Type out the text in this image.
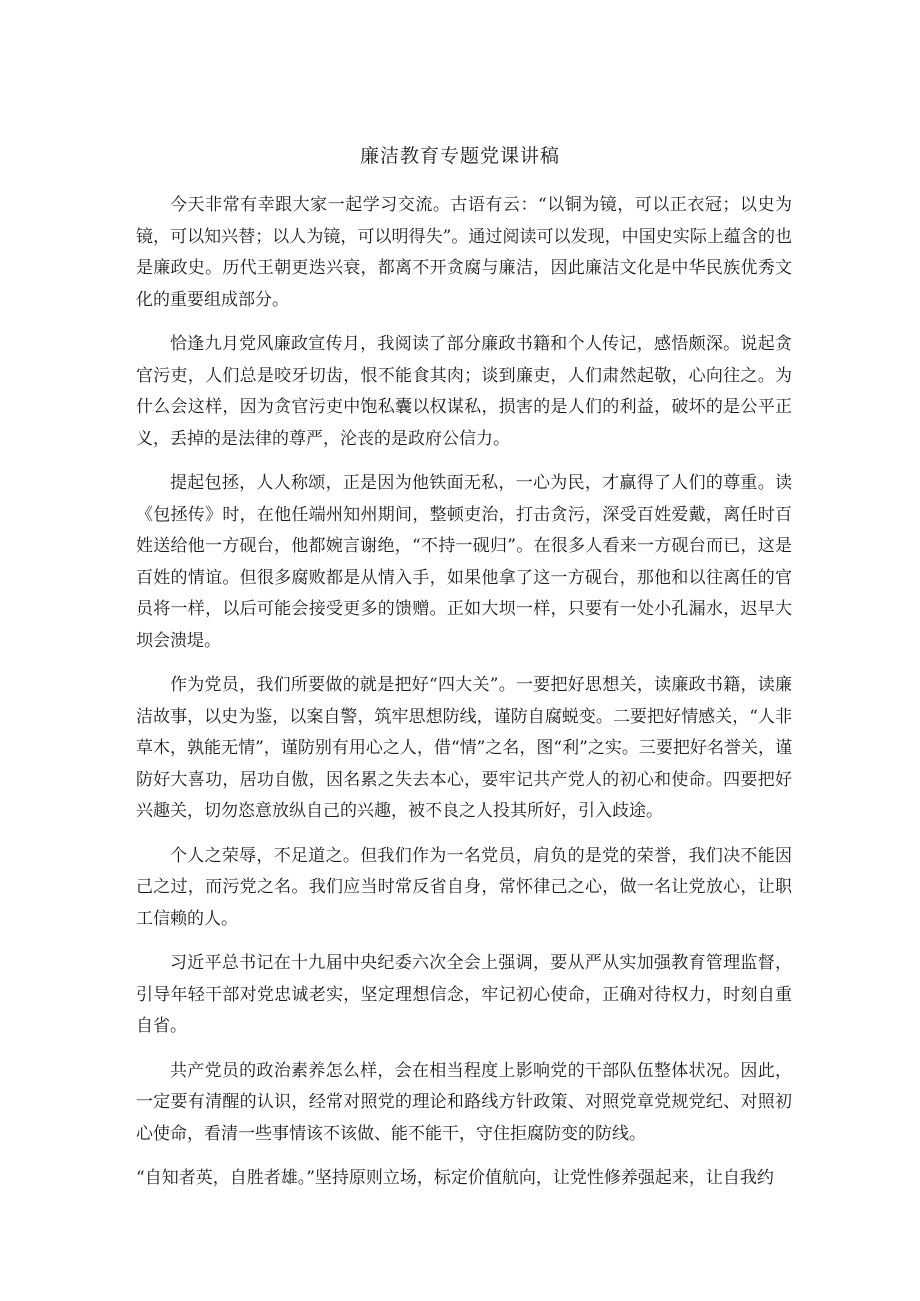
廉洁教育专题党课讲稿

今天非常有幸跟大家一起学习交流。古语有云：“以铜为镜，可以正衣冠；以史为镜，可以知兴替；以人为镜，可以明得失”。通过阅读可以发现，中国史实际上蕴含的也是廉政史。历代王朝更迭兴衰，都离不开贪腐与廉洁，因此廉洁文化是中华民族优秀文化的重要组成部分。

恰逢九月党风廉政宣传月，我阅读了部分廉政书籍和个人传记，感悟颇深。说起贪官污吏，人们总是咬牙切齿，恨不能食其肉；谈到廉吏，人们肃然起敬，心向往之。为什么会这样，因为贪官污吏中饱私囊以权谋私，损害的是人们的利益，破坏的是公平正义，丢掉的是法律的尊严，沦丧的是政府公信力。

提起包拯，人人称颂，正是因为他铁面无私，一心为民，才赢得了人们的尊重。读《包拯传》时，在他任端州知州期间，整顿吏治，打击贪污，深受百姓爱戴，离任时百姓送给他一方砚台，他都婉言谢绝，“不持一砚归”。在很多人看来一方砚台而已，这是百姓的情谊。但很多腐败都是从情入手，如果他拿了这一方砚台，那他和以往离任的官员将一样，以后可能会接受更多的馈赠。正如大坝一样，只要有一处小孔漏水，迟早大坝会溃堤。

作为党员，我们所要做的就是把好“四大关”。一要把好思想关，读廉政书籍，读廉洁故事，以史为鉴，以案自警，筑牢思想防线，谨防自腐蜕变。二要把好情感关，“人非草木，孰能无情”，谨防别有用心之人，借“情”之名，图“利”之实。三要把好名誉关，谨防好大喜功，居功自傲，因名累之失去本心，要牢记共产党人的初心和使命。四要把好兴趣关，切勿恣意放纵自己的兴趣，被不良之人投其所好，引入歧途。

个人之荣辱，不足道之。但我们作为一名党员，肩负的是党的荣誉，我们决不能因己之过，而污党之名。我们应当时常反省自身，常怀律己之心，做一名让党放心，让职工信赖的人。

习近平总书记在十九届中央纪委六次全会上强调，要从严从实加强教育管理监督，引导年轻干部对党忠诚老实，坚定理想信念，牢记初心使命，正确对待权力，时刻自重自省。

共产党员的政治素养怎么样，会在相当程度上影响党的干部队伍整体状况。因此，一定要有清醒的认识，经常对照党的理论和路线方针政策、对照党章党规党纪、对照初心使命，看清一些事情该不该做、能不能干，守住拒腐防变的防线。

“自知者英，自胜者雄。”坚持原则立场，标定价值航向，让党性修养强起来，让自我约
